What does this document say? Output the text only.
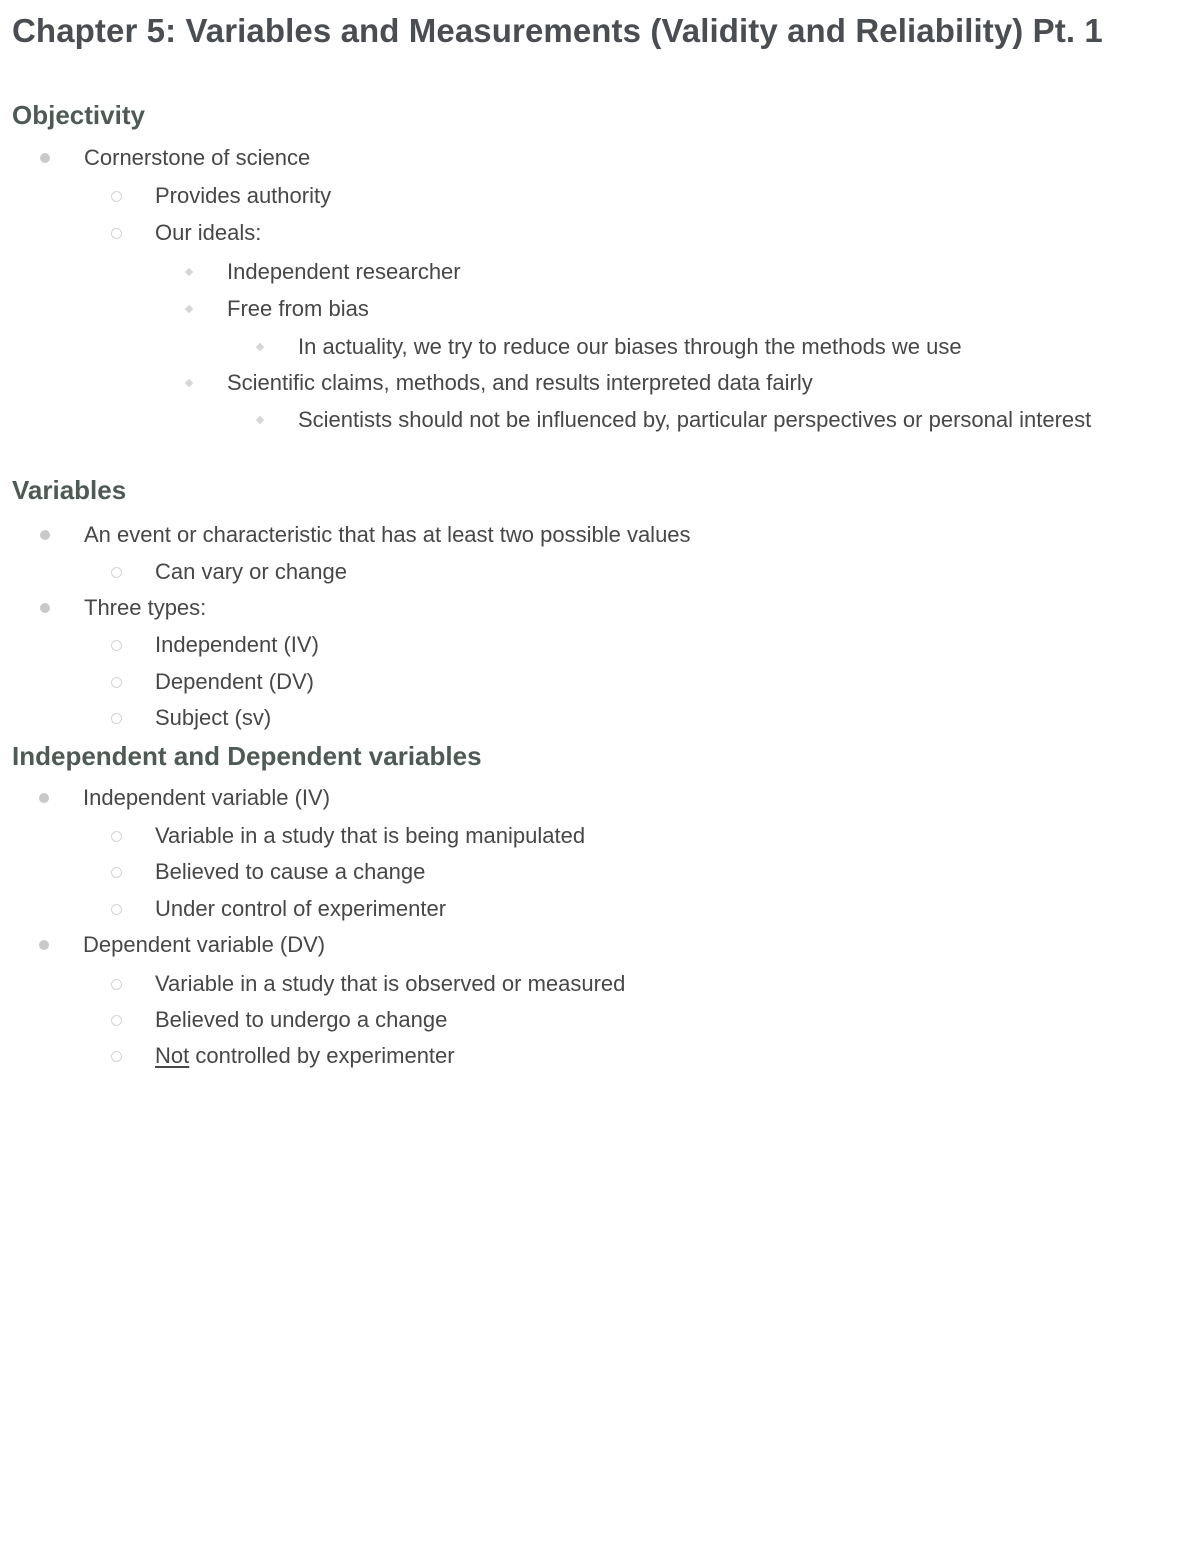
Chapter 5: Variables and Measurements (Validity and Reliability) Pt. 1
Objectivity
Cornerstone of science
Provides authority
Our ideals:
Independent researcher
Free from bias
In actuality, we try to reduce our biases through the methods we use
Scientific claims, methods, and results interpreted data fairly
Scientists should not be influenced by, particular perspectives or personal interest
Variables
An event or characteristic that has at least two possible values
Can vary or change
Three types:
Independent (IV)
Dependent (DV)
Subject (sv)
Independent and Dependent variables
Independent variable (IV)
Variable in a study that is being manipulated
Believed to cause a change
Under control of experimenter
Dependent variable (DV)
Variable in a study that is observed or measured
Believed to undergo a change
Not controlled by experimenter
